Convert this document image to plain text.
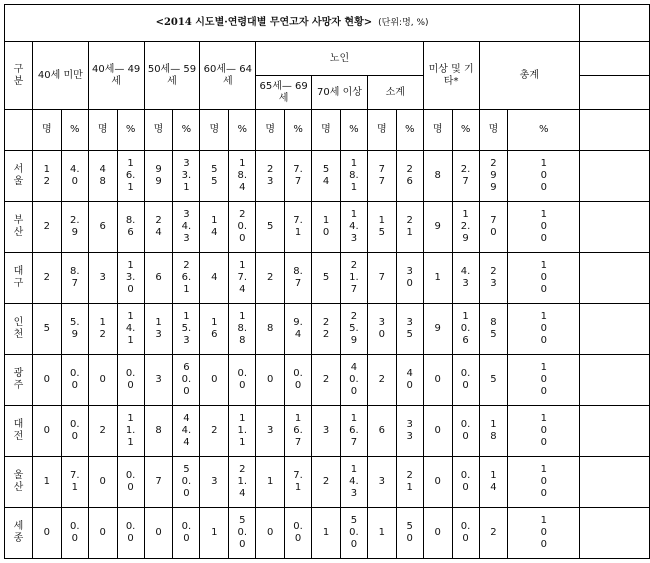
<2014 시도별·연령대별 무연고자 사망자 현황> (단위:명, %)																			
구분	40세 미만		40세— 49세		50세— 59세		60세— 64세		노인						미상 및 기 타*		총계		
									65세— 69세		70세 이상		소계						
	명	%	명	%	명	%	명	%	명	%	명	%	명	%	명	%	명	%	
서울	12	4.0	48	16.1	99	33.1	55	18.4	23	7.7	54	18.1	77	26	8	2.7	299	100	
부산	2	2.9	6	8.6	24	34.3	14	20.0	5	7.1	10	14.3	15	21	9	12.9	70	100	
대구	2	8.7	3	13.0	6	26.1	4	17.4	2	8.7	5	21.7	7	30	1	4.3	23	100	
인천	5	5.9	12	14.1	13	15.3	16	18.8	8	9.4	22	25.9	30	35	9	10.6	85	100	
광주	0	0.0	0	0.0	3	60.0	0	0.0	0	0.0	2	40.0	2	40	0	0.0	5	100	
대전	0	0.0	2	11.1	8	44.4	2	11.1	3	16.7	3	16.7	6	33	0	0.0	18	100	
울산	1	7.1	0	0.0	7	50.0	3	21.4	1	7.1	2	14.3	3	21	0	0.0	14	100	
세종	0	0.0	0	0.0	0	0.0	1	50.0	0	0.0	1	50.0	1	50	0	0.0	2	100	
